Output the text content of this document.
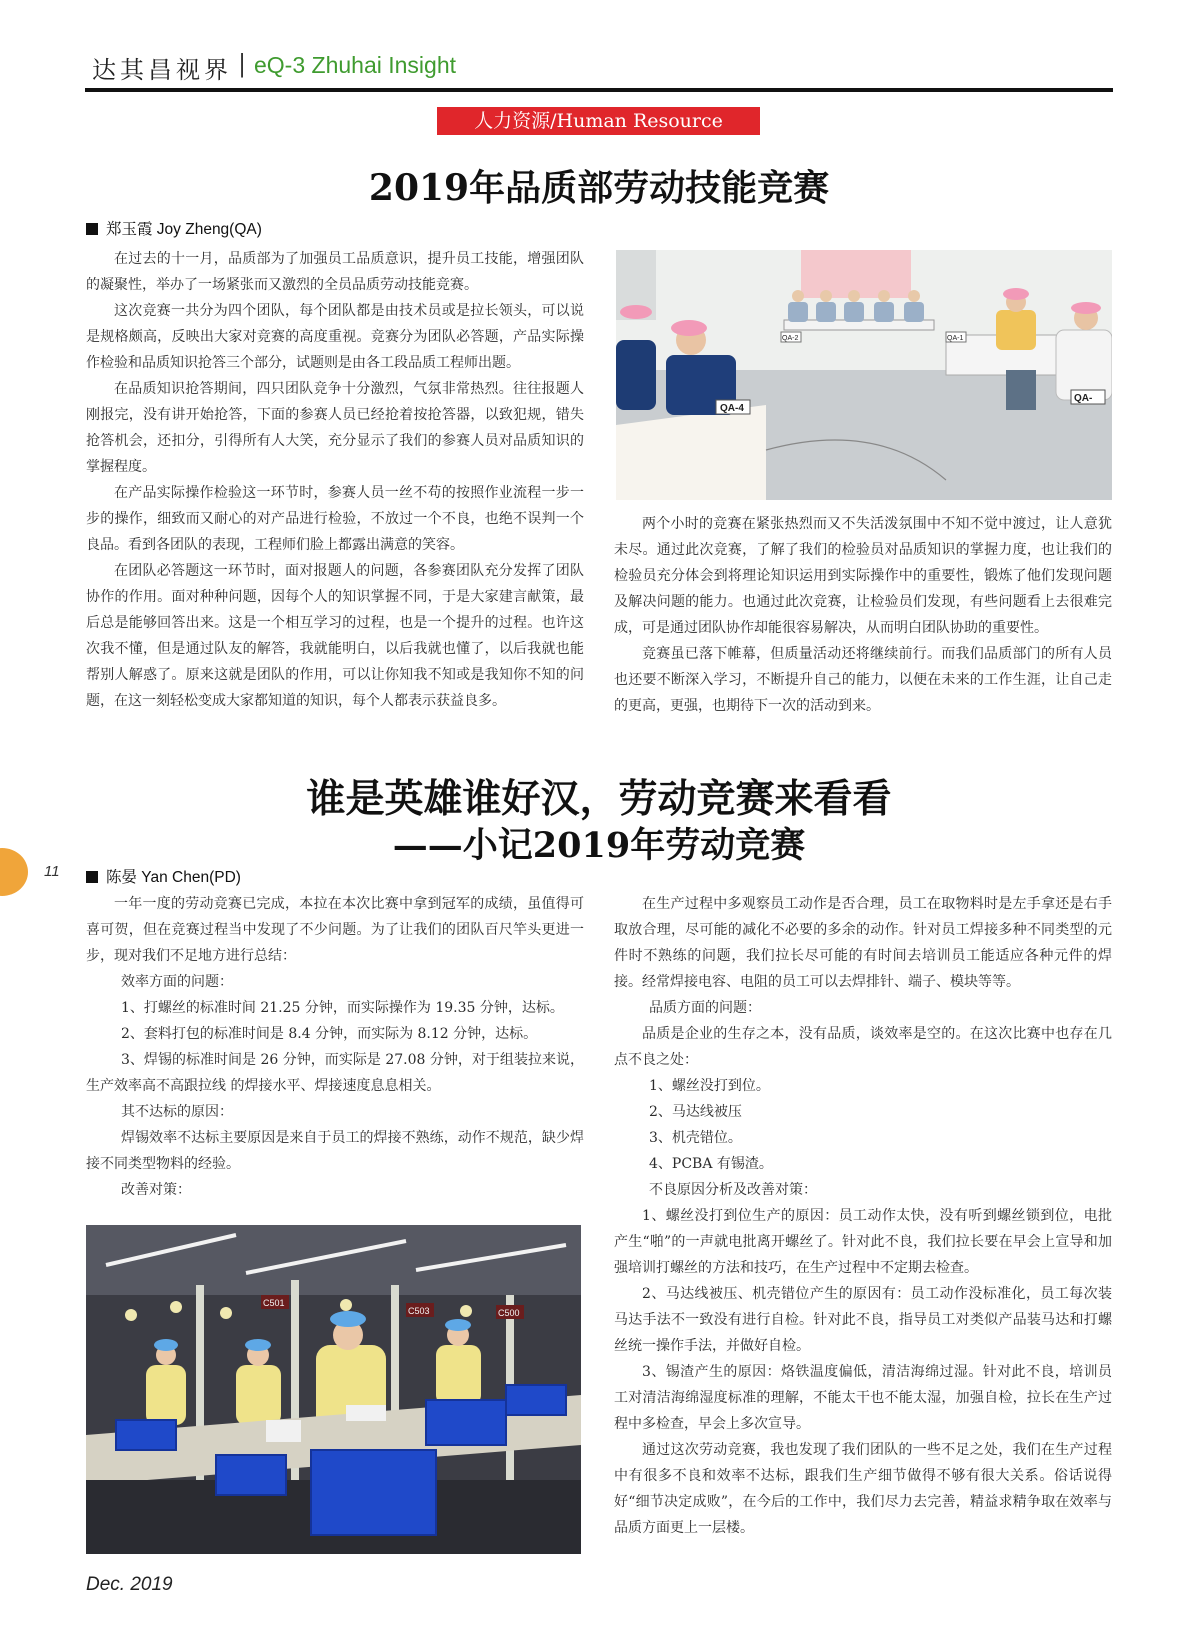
达其昌视界 | eQ-3 Zhuhai Insight
人力资源/Human Resource
2019年品质部劳动技能竞赛
郑玉霞 Joy Zheng(QA)

在过去的十一月，品质部为了加强员工品质意识，提升员工技能，增强团队的凝聚性，举办了一场紧张而又激烈的全员品质劳动技能竞赛。

这次竞赛一共分为四个团队，每个团队都是由技术员或是拉长领头，可以说是规格颇高，反映出大家对竞赛的高度重视。竞赛分为团队必答题，产品实际操作检验和品质知识抢答三个部分，试题则是由各工段品质工程师出题。

在品质知识抢答期间，四只团队竞争十分激烈，气氛非常热烈。往往报题人刚报完，没有讲开始抢答，下面的参赛人员已经抢着按抢答器，以致犯规，错失抢答机会，还扣分，引得所有人大笑，充分显示了我们的参赛人员对品质知识的掌握程度。

在产品实际操作检验这一环节时，参赛人员一丝不苟的按照作业流程一步一步的操作，细致而又耐心的对产品进行检验，不放过一个不良，也绝不误判一个良品。看到各团队的表现，工程师们脸上都露出满意的笑容。

在团队必答题这一环节时，面对报题人的问题，各参赛团队充分发挥了团队协作的作用。面对种种问题，因每个人的知识掌握不同，于是大家建言献策，最后总是能够回答出来。这是一个相互学习的过程，也是一个提升的过程。也许这次我不懂，但是通过队友的解答，我就能明白，以后我就也懂了，以后我就也能帮别人解惑了。原来这就是团队的作用，可以让你知我不知或是我知你不知的问题，在这一刻轻松变成大家都知道的知识，每个人都表示获益良多。

QA-4
QA-
QA-2	QA-1

两个小时的竞赛在紧张热烈而又不失活泼氛围中不知不觉中渡过，让人意犹未尽。通过此次竞赛，了解了我们的检验员对品质知识的掌握力度，也让我们的检验员充分体会到将理论知识运用到实际操作中的重要性，锻炼了他们发现问题及解决问题的能力。也通过此次竞赛，让检验员们发现，有些问题看上去很难完成，可是通过团队协作却能很容易解决，从而明白团队协助的重要性。

竞赛虽已落下帷幕，但质量活动还将继续前行。而我们品质部门的所有人员也还要不断深入学习，不断提升自己的能力，以便在未来的工作生涯，让自己走的更高，更强，也期待下一次的活动到来。

谁是英雄谁好汉，劳动竞赛来看看
——小记2019年劳动竞赛
11	陈晏 Yan Chen(PD)

一年一度的劳动竞赛已完成，本拉在本次比赛中拿到冠军的成绩，虽值得可喜可贺，但在竞赛过程当中发现了不少问题。为了让我们的团队百尺竿头更进一步，现对我们不足地方进行总结：

效率方面的问题：

1、打螺丝的标准时间 21.25 分钟，而实际操作为 19.35 分钟，达标。

2、套料打包的标准时间是 8.4 分钟，而实际为 8.12 分钟，达标。

3、焊锡的标准时间是 26 分钟，而实际是 27.08 分钟，对于组装拉来说，生产效率高不高跟拉线 的焊接水平、焊接速度息息相关。

其不达标的原因：

焊锡效率不达标主要原因是来自于员工的焊接不熟练，动作不规范，缺少焊接不同类型物料的经验。

改善对策：

C501
C503	C500

在生产过程中多观察员工动作是否合理，员工在取物料时是左手拿还是右手取放合理，尽可能的减化不必要的多余的动作。针对员工焊接多种不同类型的元件时不熟练的问题，我们拉长尽可能的有时间去培训员工能适应各种元件的焊接。经常焊接电容、电阻的员工可以去焊排针、端子、模块等等。

品质方面的问题：

品质是企业的生存之本，没有品质，谈效率是空的。在这次比赛中也存在几点不良之处：

1、螺丝没打到位。

2、马达线被压

3、机壳错位。

4、PCBA 有锡渣。

不良原因分析及改善对策：

1、螺丝没打到位生产的原因：员工动作太快，没有听到螺丝锁到位，电批产生“啪”的一声就电批离开螺丝了。针对此不良，我们拉长要在早会上宣导和加强培训打螺丝的方法和技巧，在生产过程中不定期去检查。

2、马达线被压、机壳错位产生的原因有：员工动作没标准化，员工每次装马达手法不一致没有进行自检。针对此不良，指导员工对类似产品装马达和打螺丝统一操作手法，并做好自检。

3、锡渣产生的原因：烙铁温度偏低，清洁海绵过湿。针对此不良，培训员工对清洁海绵湿度标准的理解，不能太干也不能太湿，加强自检，拉长在生产过程中多检查，早会上多次宣导。

通过这次劳动竞赛，我也发现了我们团队的一些不足之处，我们在生产过程中有很多不良和效率不达标，跟我们生产细节做得不够有很大关系。俗话说得好“细节决定成败”，在今后的工作中，我们尽力去完善，精益求精争取在效率与品质方面更上一层楼。

Dec. 2019
